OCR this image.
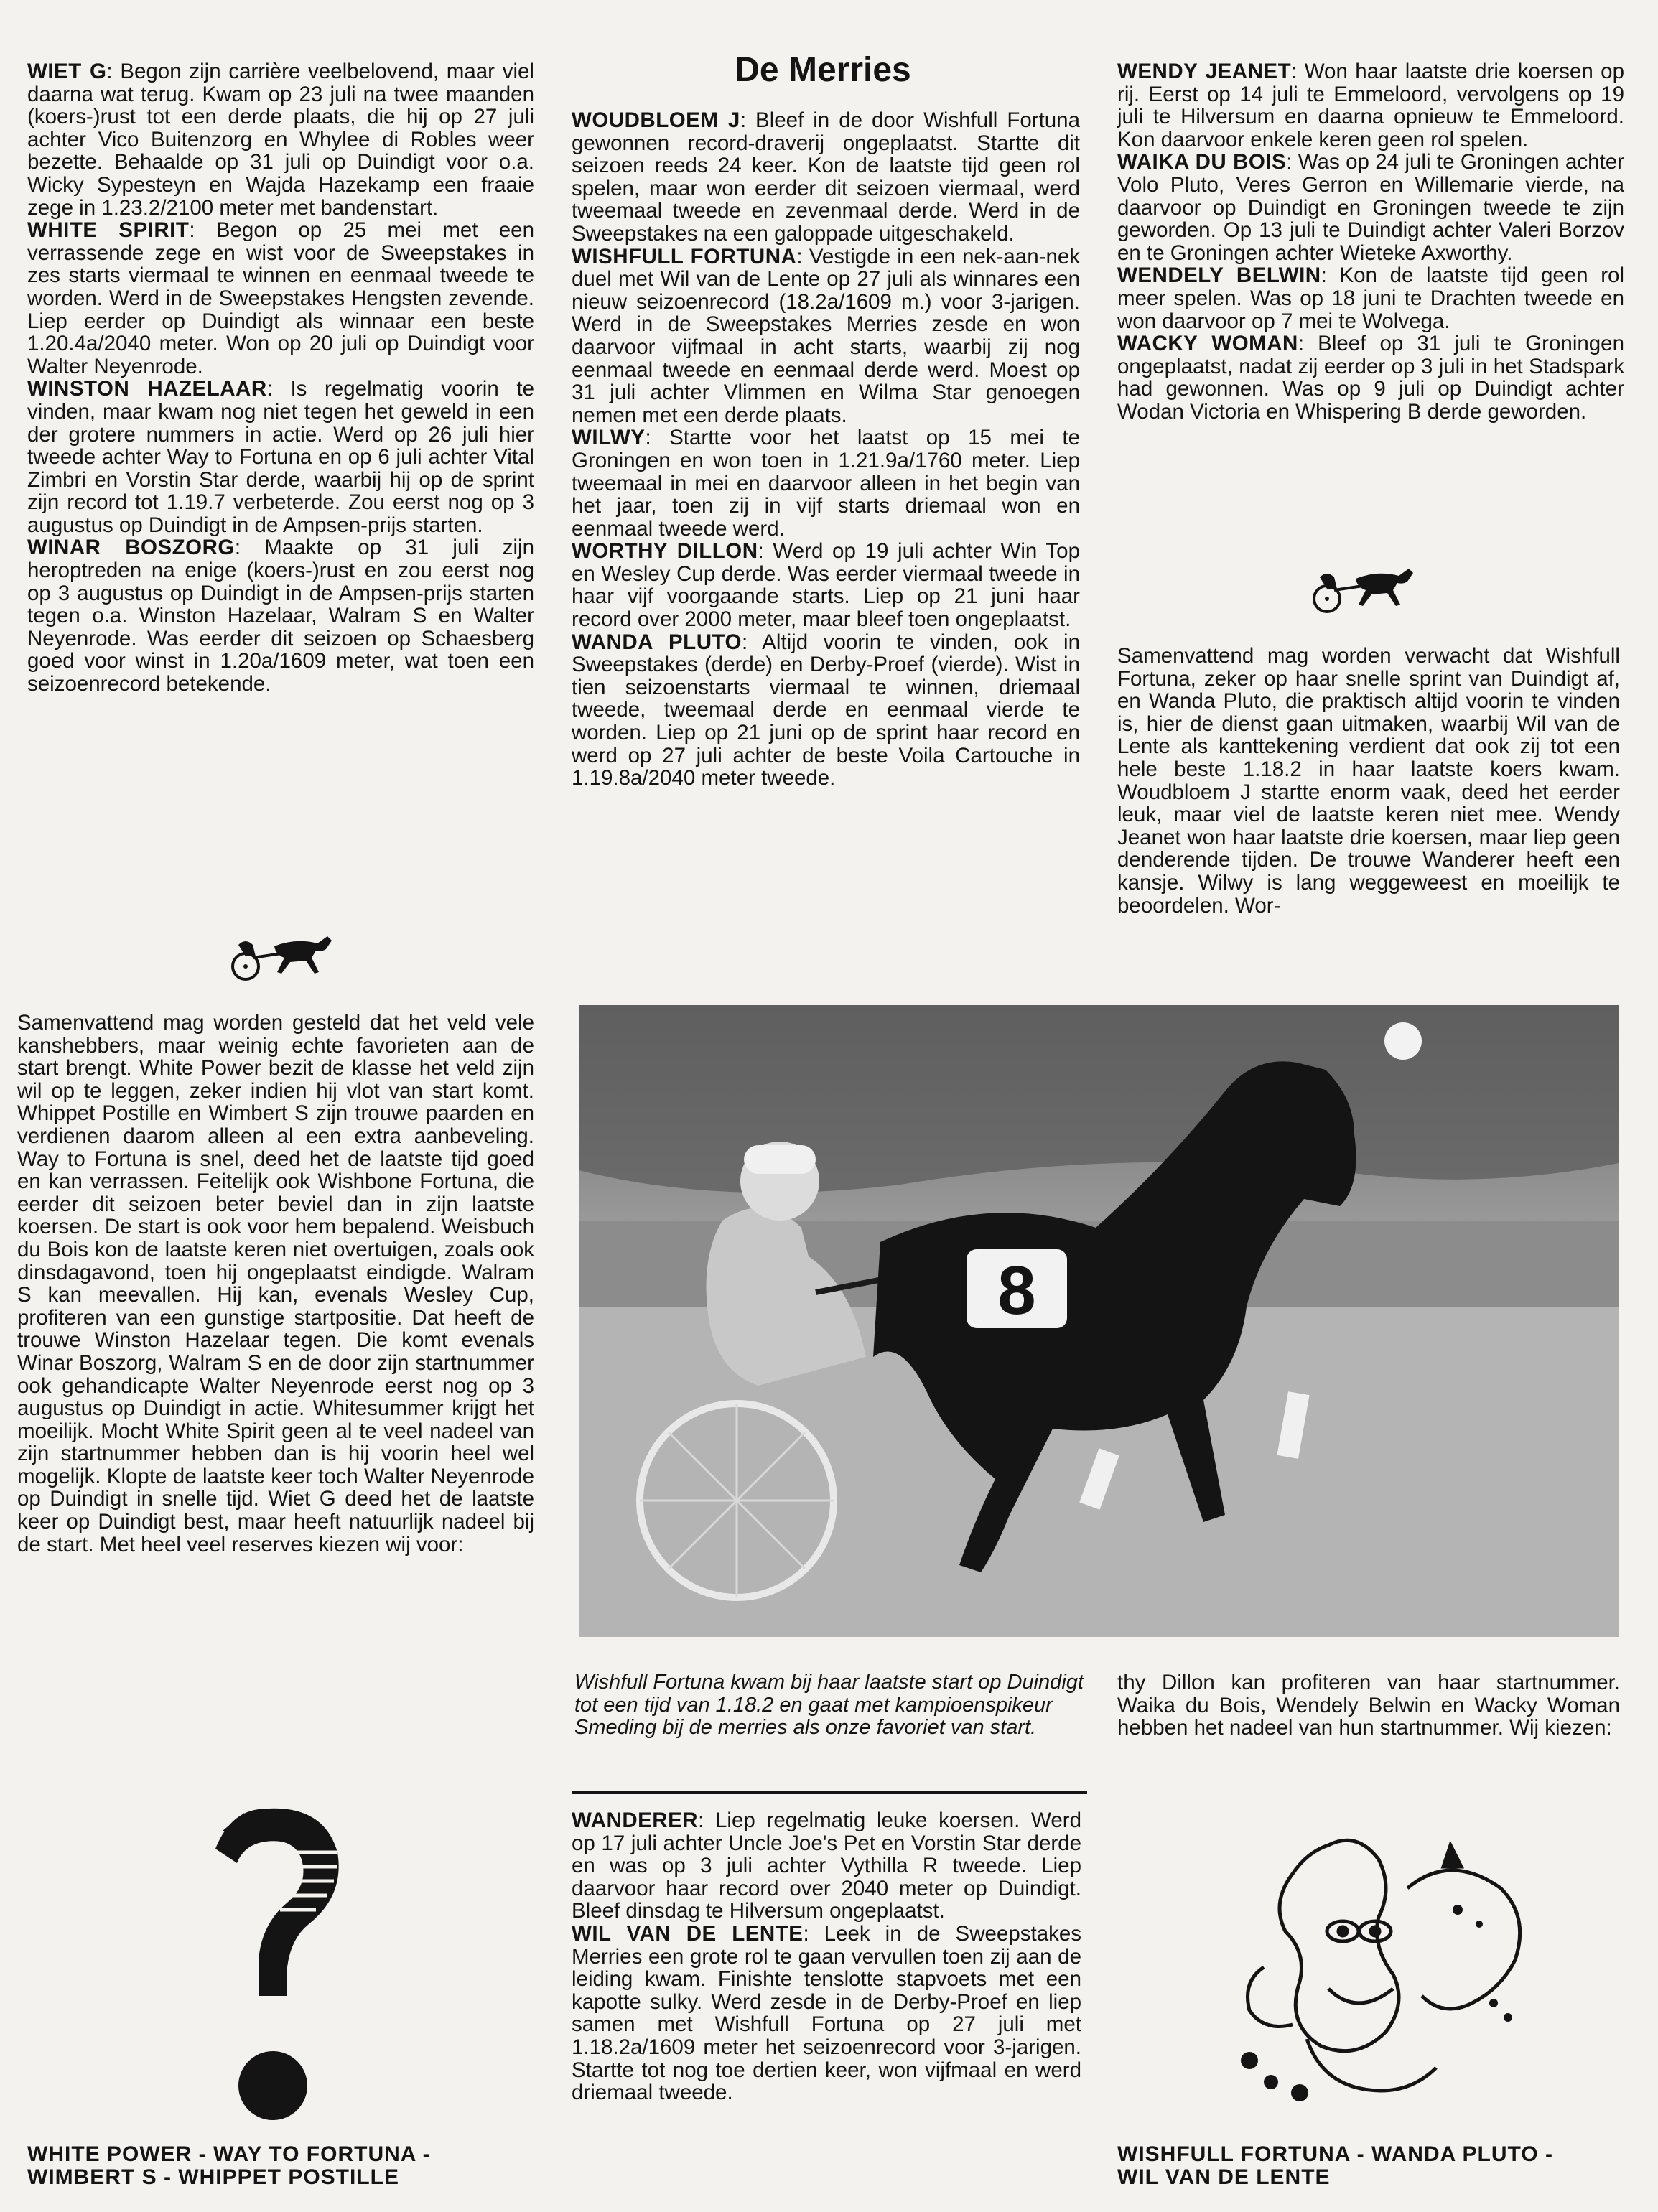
WIET G: Begon zijn carrière veelbelovend, maar viel daarna wat terug. Kwam op 23 juli na twee maanden (koers-)rust tot een derde plaats, die hij op 27 juli achter Vico Buitenzorg en Whylee di Robles weer bezette. Behaalde op 31 juli op Duindigt voor o.a. Wicky Sypesteyn en Wajda Hazekamp een fraaie zege in 1.23.2/2100 meter met bandenstart.

WHITE SPIRIT: Begon op 25 mei met een verrassende zege en wist voor de Sweepstakes in zes starts viermaal te winnen en eenmaal tweede te worden. Werd in de Sweepstakes Hengsten zevende. Liep eerder op Duindigt als winnaar een beste 1.20.4a/2040 meter. Won op 20 juli op Duindigt voor Walter Neyenrode.

WINSTON HAZELAAR: Is regelmatig voorin te vinden, maar kwam nog niet tegen het geweld in een der grotere nummers in actie. Werd op 26 juli hier tweede achter Way to Fortuna en op 6 juli achter Vital Zimbri en Vorstin Star derde, waarbij hij op de sprint zijn record tot 1.19.7 verbeterde. Zou eerst nog op 3 augustus op Duindigt in de Ampsen-prijs starten.

WINAR BOSZORG: Maakte op 31 juli zijn heroptreden na enige (koers-)rust en zou eerst nog op 3 augustus op Duindigt in de Ampsen-prijs starten tegen o.a. Winston Hazelaar, Walram S en Walter Neyenrode. Was eerder dit seizoen op Schaesberg goed voor winst in 1.20a/1609 meter, wat toen een seizoenrecord betekende.

Samenvattend mag worden gesteld dat het veld vele kanshebbers, maar weinig echte favorieten aan de start brengt. White Power bezit de klasse het veld zijn wil op te leggen, zeker indien hij vlot van start komt. Whippet Postille en Wimbert S zijn trouwe paarden en verdienen daarom alleen al een extra aanbeveling. Way to Fortuna is snel, deed het de laatste tijd goed en kan verrassen. Feitelijk ook Wishbone Fortuna, die eerder dit seizoen beter beviel dan in zijn laatste koersen. De start is ook voor hem bepalend. Weisbuch du Bois kon de laatste keren niet overtuigen, zoals ook dinsdagavond, toen hij ongeplaatst eindigde. Walram S kan meevallen. Hij kan, evenals Wesley Cup, profiteren van een gunstige startpositie. Dat heeft de trouwe Winston Hazelaar tegen. Die komt evenals Winar Boszorg, Walram S en de door zijn startnummer ook gehandicapte Walter Neyenrode eerst nog op 3 augustus op Duindigt in actie. Whitesummer krijgt het moeilijk. Mocht White Spirit geen al te veel nadeel van zijn startnummer hebben dan is hij voorin heel wel mogelijk. Klopte de laatste keer toch Walter Neyenrode op Duindigt in snelle tijd. Wiet G deed het de laatste keer op Duindigt best, maar heeft natuurlijk nadeel bij de start. Met heel veel reserves kiezen wij voor:

WHITE POWER - WAY TO FORTUNA -
WIMBERT S - WHIPPET POSTILLE
De Merries

WOUDBLOEM J: Bleef in de door Wishfull Fortuna gewonnen record-draverij ongeplaatst. Startte dit seizoen reeds 24 keer. Kon de laatste tijd geen rol spelen, maar won eerder dit seizoen viermaal, werd tweemaal tweede en zevenmaal derde. Werd in de Sweepstakes na een galoppade uitgeschakeld.

WISHFULL FORTUNA: Vestigde in een nek-aan-nek duel met Wil van de Lente op 27 juli als winnares een nieuw seizoenrecord (18.2a/1609 m.) voor 3-jarigen. Werd in de Sweepstakes Merries zesde en won daarvoor vijfmaal in acht starts, waarbij zij nog eenmaal tweede en eenmaal derde werd. Moest op 31 juli achter Vlimmen en Wilma Star genoegen nemen met een derde plaats.

WILWY: Startte voor het laatst op 15 mei te Groningen en won toen in 1.21.9a/1760 meter. Liep tweemaal in mei en daarvoor alleen in het begin van het jaar, toen zij in vijf starts driemaal won en eenmaal tweede werd.

WORTHY DILLON: Werd op 19 juli achter Win Top en Wesley Cup derde. Was eerder viermaal tweede in haar vijf voorgaande starts. Liep op 21 juni haar record over 2000 meter, maar bleef toen ongeplaatst.

WANDA PLUTO: Altijd voorin te vinden, ook in Sweepstakes (derde) en Derby-Proef (vierde). Wist in tien seizoenstarts viermaal te winnen, driemaal tweede, tweemaal derde en eenmaal vierde te worden. Liep op 21 juni op de sprint haar record en werd op 27 juli achter de beste Voila Cartouche in 1.19.8a/2040 meter tweede.

8
Wishfull Fortuna kwam bij haar laatste start op Duindigt tot een tijd van 1.18.2 en gaat met kampioenspikeur Smeding bij de merries als onze favoriet van start.

WANDERER: Liep regelmatig leuke koersen. Werd op 17 juli achter Uncle Joe's Pet en Vorstin Star derde en was op 3 juli achter Vythilla R tweede. Liep daarvoor haar record over 2040 meter op Duindigt. Bleef dinsdag te Hilversum ongeplaatst.

WIL VAN DE LENTE: Leek in de Sweepstakes Merries een grote rol te gaan vervullen toen zij aan de leiding kwam. Finishte tenslotte stapvoets met een kapotte sulky. Werd zesde in de Derby-Proef en liep samen met Wishfull Fortuna op 27 juli met 1.18.2a/1609 meter het seizoenrecord voor 3-jarigen. Startte tot nog toe dertien keer, won vijfmaal en werd driemaal tweede.

WENDY JEANET: Won haar laatste drie koersen op rij. Eerst op 14 juli te Emmeloord, vervolgens op 19 juli te Hilversum en daarna opnieuw te Emmeloord. Kon daarvoor enkele keren geen rol spelen.

WAIKA DU BOIS: Was op 24 juli te Groningen achter Volo Pluto, Veres Gerron en Willemarie vierde, na daarvoor op Duindigt en Groningen tweede te zijn geworden. Op 13 juli te Duindigt achter Valeri Borzov en te Groningen achter Wieteke Axworthy.

WENDELY BELWIN: Kon de laatste tijd geen rol meer spelen. Was op 18 juni te Drachten tweede en won daarvoor op 7 mei te Wolvega.

WACKY WOMAN: Bleef op 31 juli te Groningen ongeplaatst, nadat zij eerder op 3 juli in het Stadspark had gewonnen. Was op 9 juli op Duindigt achter Wodan Victoria en Whispering B derde geworden.

Samenvattend mag worden verwacht dat Wishfull Fortuna, zeker op haar snelle sprint van Duindigt af, en Wanda Pluto, die praktisch altijd voorin te vinden is, hier de dienst gaan uitmaken, waarbij Wil van de Lente als kanttekening verdient dat ook zij tot een hele beste 1.18.2 in haar laatste koers kwam. Woudbloem J startte enorm vaak, deed het eerder leuk, maar viel de laatste keren niet mee. Wendy Jeanet won haar laatste drie koersen, maar liep geen denderende tijden. De trouwe Wanderer heeft een kansje. Wilwy is lang weggeweest en moeilijk te beoordelen. Wor-

thy Dillon kan profiteren van haar startnummer. Waika du Bois, Wendely Belwin en Wacky Woman hebben het nadeel van hun startnummer. Wij kiezen:

WISHFULL FORTUNA - WANDA PLUTO -
WIL VAN DE LENTE
